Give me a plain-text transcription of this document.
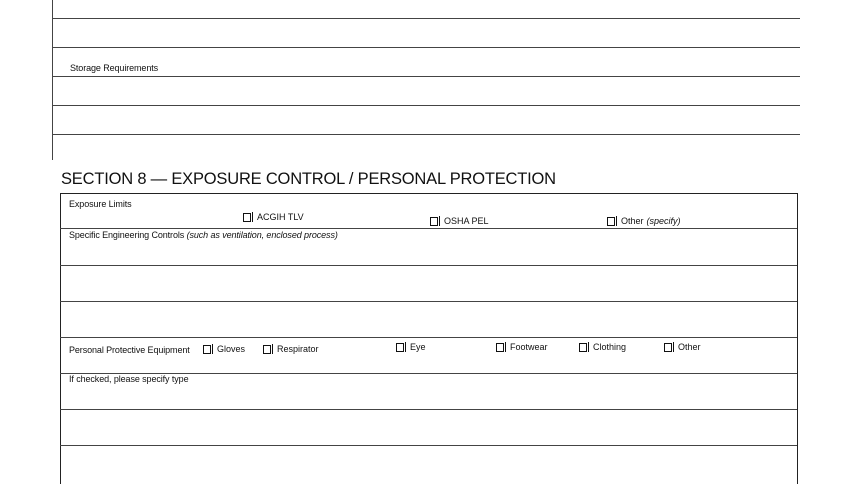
Storage Requirements
SECTION 8 — EXPOSURE CONTROL / PERSONAL PROTECTION
Exposure Limits
ACGIH TLV	OSHA PEL	Other (specify)
Specific Engineering Controls (such as ventilation, enclosed process)
Personal Protective Equipment	Gloves	Respirator	Eye	Footwear	Clothing	Other
If checked, please specify type
